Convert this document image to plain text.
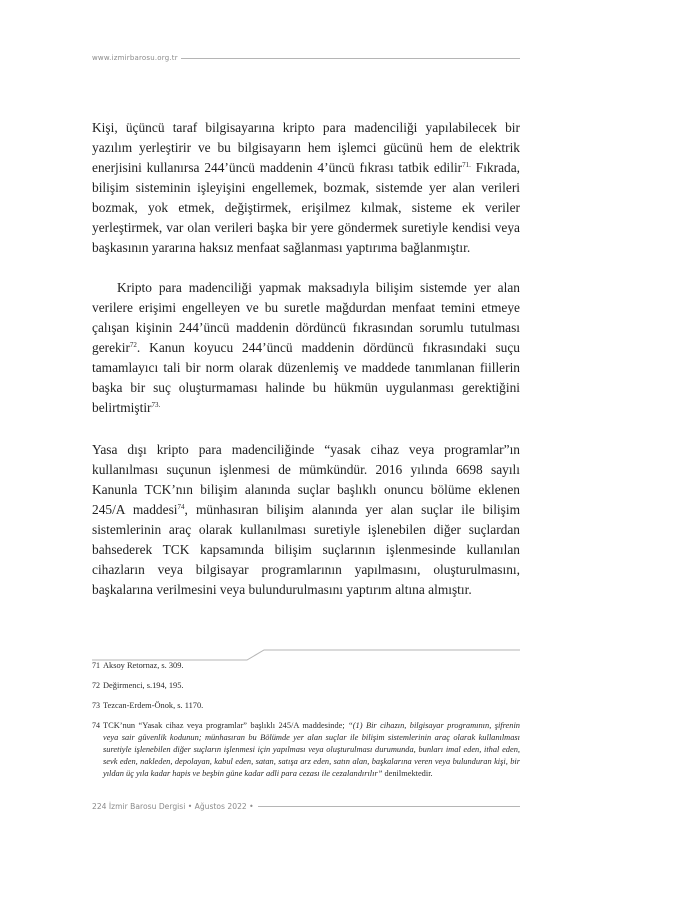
www.izmirbarosu.org.tr

Kişi, üçüncü taraf bilgisayarına kripto para madenciliği yapılabilecek bir yazılım yerleştirir ve bu bilgisayarın hem işlemci gücünü hem de elektrik enerjisini kullanırsa 244’üncü maddenin 4’üncü fıkrası tatbik edilir$^{71.}$ Fıkrada, bilişim sisteminin işleyişini engellemek, bozmak, sistemde yer alan verileri bozmak, yok etmek, değiştirmek, erişilmez kılmak, sisteme ek veriler yerleştirmek, var olan verileri başka bir yere göndermek suretiyle kendisi veya başkasının yararına haksız menfaat sağlanması yaptırıma bağlanmıştır.

Kripto para madenciliği yapmak maksadıyla bilişim sistemde yer alan verilere erişimi engelleyen ve bu suretle mağdurdan menfaat temini etmeye çalışan kişinin 244’üncü maddenin dördüncü fıkrasından sorumlu tutulması gerekir$^{72}$. Kanun koyucu 244’üncü maddenin dördüncü fıkrasındaki suçu tamamlayıcı tali bir norm olarak düzenlemiş ve maddede tanımlanan fiillerin başka bir suç oluşturmaması halinde bu hükmün uygulanması gerektiğini belirtmiştir$^{73.}$

Yasa dışı kripto para madenciliğinde “yasak cihaz veya programlar”ın kullanılması suçunun işlenmesi de mümkündür. 2016 yılında 6698 sayılı Kanunla TCK’nın bilişim alanında suçlar başlıklı onuncu bölüme eklenen 245/A maddesi$^{74}$, münhasıran bilişim alanında yer alan suçlar ile bilişim sistemlerinin araç olarak kullanılması suretiyle işlenebilen diğer suçlardan bahsederek TCK kapsamında bilişim suçlarının işlenmesinde kullanılan cihazların veya bilgisayar programlarının yapılmasını, oluşturulmasını, başkalarına verilmesini veya bulundurulmasını yaptırım altına almıştır.

71 Aksoy Retornaz, s. 309.
72 Değirmenci, s.194, 195.
73 Tezcan-Erdem-Önok, s. 1170.
74 TCK’nun “Yasak cihaz veya programlar” başlıklı 245/A maddesinde; “(1) Bir cihazın, bilgisayar programının, şifrenin veya sair güvenlik kodunun; münhasıran bu Bölümde yer alan suçlar ile bilişim sistemlerinin araç olarak kullanılması suretiyle işlenebilen diğer suçların işlenmesi için yapılması veya oluşturulması durumunda, bunları imal eden, ithal eden, sevk eden, nakleden, depolayan, kabul eden, satan, satışa arz eden, satın alan, başkalarına veren veya bulunduran kişi, bir yıldan üç yıla kadar hapis ve beşbin güne kadar adli para cezası ile cezalandırılır” denilmektedir.
224 İzmir Barosu Dergisi • Ağustos 2022 •
